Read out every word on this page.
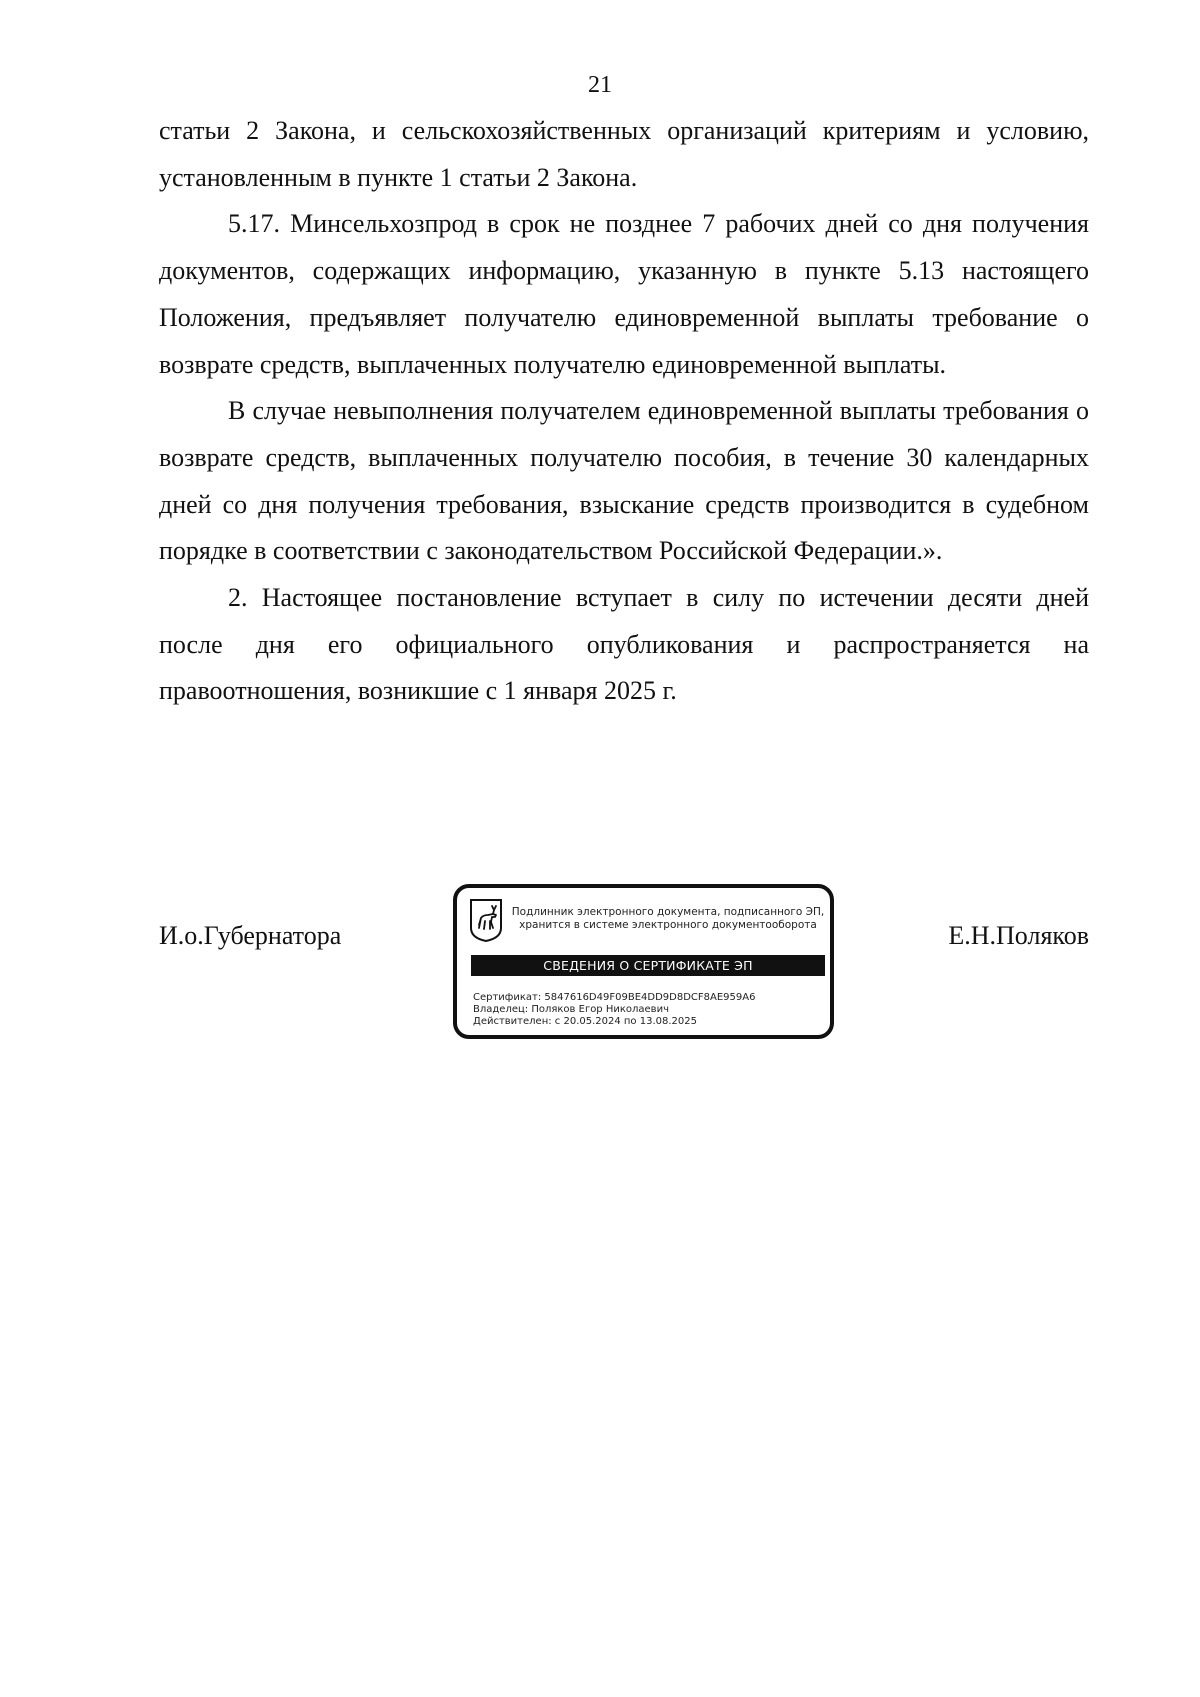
21

статьи 2 Закона, и сельскохозяйственных организаций критериям и условию, установленным в пункте 1 статьи 2 Закона.

5.17. Минсельхозпрод в срок не позднее 7 рабочих дней со дня получения документов, содержащих информацию, указанную в пункте 5.13 настоящего Положения, предъявляет получателю единовременной выплаты требование о возврате средств, выплаченных получателю единовременной выплаты.

В случае невыполнения получателем единовременной выплаты требования о возврате средств, выплаченных получателю пособия, в течение 30 календарных дней со дня получения требования, взыскание средств производится в судебном порядке в соответствии с законодательством Российской Федерации.».

2. Настоящее постановление вступает в силу по истечении десяти дней после дня его официального опубликования и распространяется на правоотношения, возникшие с 1 января 2025 г.

И.о.Губернатора
Подлинник электронного документа, подписанного ЭП,
хранится в системе электронного документооборота
СВЕДЕНИЯ О СЕРТИФИКАТЕ ЭП
Сертификат: 5847616D49F09BE4DD9D8DCF8AE959A6
Владелец: Поляков Егор Николаевич
Действителен: с 20.05.2024 по 13.08.2025
Е.Н.Поляков
